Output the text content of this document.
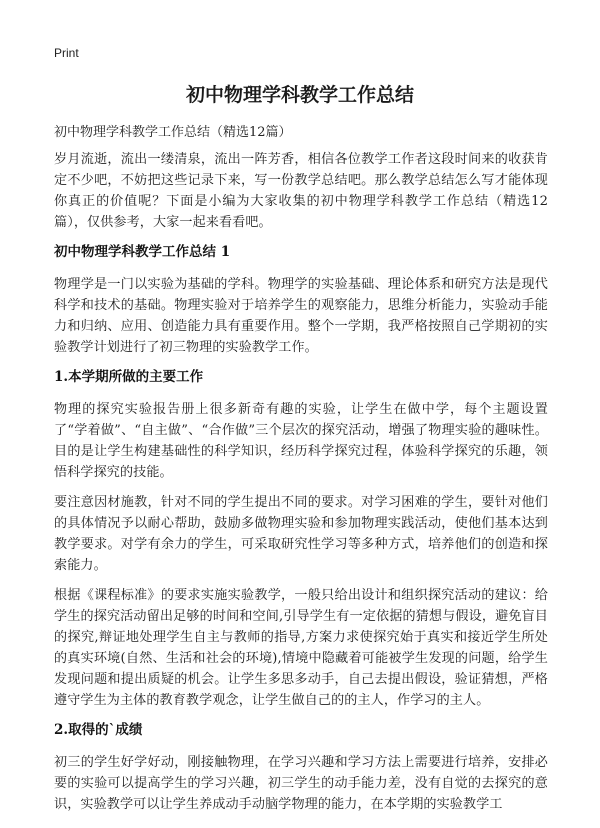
Print
初中物理学科教学工作总结
初中物理学科教学工作总结（精选12篇）

岁月流逝，流出一缕清泉，流出一阵芳香，相信各位教学工作者这段时间来的收获肯定不少吧，不妨把这些记录下来，写一份教学总结吧。那么教学总结怎么写才能体现你真正的价值呢？下面是小编为大家收集的初中物理学科教学工作总结（精选12篇），仅供参考，大家一起来看看吧。

初中物理学科教学工作总结 1

物理学是一门以实验为基础的学科。物理学的实验基础、理论体系和研究方法是现代科学和技术的基础。物理实验对于培养学生的观察能力，思维分析能力，实验动手能力和归纳、应用、创造能力具有重要作用。整个一学期，我严格按照自己学期初的实验教学计划进行了初三物理的实验教学工作。

1.本学期所做的主要工作

物理的探究实验报告册上很多新奇有趣的实验，让学生在做中学，每个主题设置了“学着做”、“自主做”、“合作做”三个层次的探究活动，增强了物理实验的趣味性。目的是让学生构建基础性的科学知识，经历科学探究过程，体验科学探究的乐趣，领悟科学探究的技能。

要注意因材施教，针对不同的学生提出不同的要求。对学习困难的学生，要针对他们的具体情况予以耐心帮助，鼓励多做物理实验和参加物理实践活动，使他们基本达到教学要求。对学有余力的学生，可采取研究性学习等多种方式，培养他们的创造和探索能力。

根据《课程标准》的要求实施实验教学，一般只给出设计和组织探究活动的建议：给学生的探究活动留出足够的时间和空间,引导学生有一定依据的猜想与假设，避免盲目的探究,辩证地处理学生自主与教师的指导,方案力求使探究始于真实和接近学生所处的真实环境(自然、生活和社会的环境),情境中隐藏着可能被学生发现的问题，给学生发现问题和提出质疑的机会。让学生多思多动手，自己去提出假设，验证猜想，严格遵守学生为主体的教育教学观念，让学生做自己的的主人，作学习的主人。

2.取得的`成绩

初三的学生好学好动，刚接触物理，在学习兴趣和学习方法上需要进行培养，安排必要的实验可以提高学生的学习兴趣，初三学生的动手能力差，没有自觉的去探究的意识，实验教学可以让学生养成动手动脑学物理的能力，在本学期的实验教学工
